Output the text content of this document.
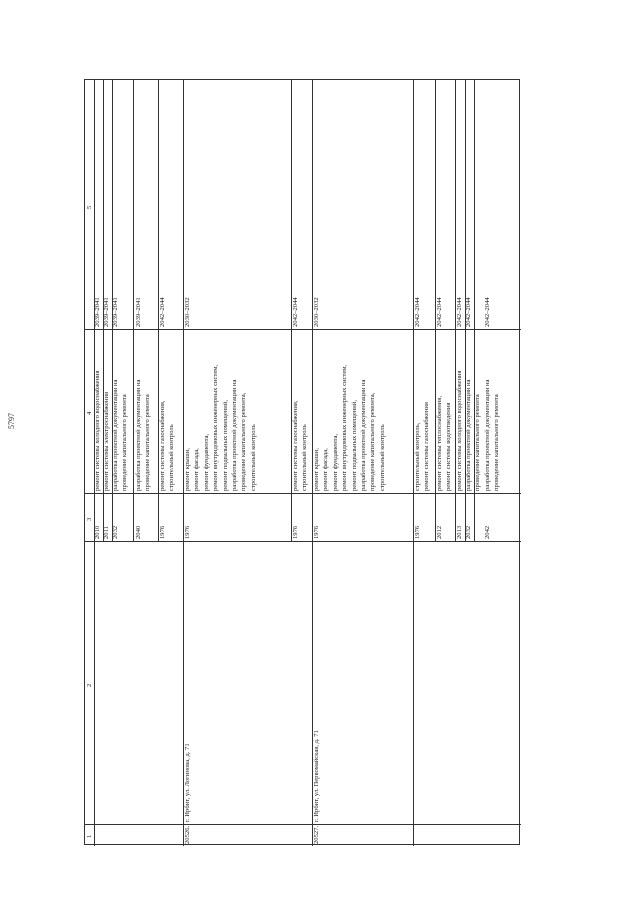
5797
1
2
3
4
5
2010
ремонт системы холодного водоснабжения
2039–2041
2011
ремонт системы электроснабжения
2039–2041
2032
разработка проектной документации на
проведение капитального ремонта
2039–2041
2040
разработка проектной документации на
проведение капитального ремонта
2039–2041
1976
ремонт системы газоснабжения,
строительный контроль
2042–2044
20526.
г. Ирбит, ул. Логинова, д. 71
1976
ремонт крыши,
ремонт фасада,
ремонт фундамента,
ремонт внутридомовых инженерных систем,
ремонт подвальных помещений,
разработка проектной документации на
проведение капитального ремонта,
строительный контроль
2030–2032
1976
ремонт системы газоснабжения,
строительный контроль
2042–2044
20527.
г. Ирбит, ул. Первомайская, д. 71
1976
ремонт крыши,
ремонт фасада,
ремонт фундамента,
ремонт внутридомовых инженерных систем,
ремонт подвальных помещений,
разработка проектной документации на
проведение капитального ремонта,
строительный контроль
2030–2032
1976
строительный контроль,
ремонт системы газоснабжения
2042–2044
2012
ремонт системы теплоснабжения,
ремонт системы водоотведения
2042–2044
2013
ремонт системы холодного водоснабжения
2042–2044
2032
разработка проектной документации на
проведение капитального ремонта
2042–2044
2042
разработка проектной документации на
проведение капитального ремонта
2042–2044
